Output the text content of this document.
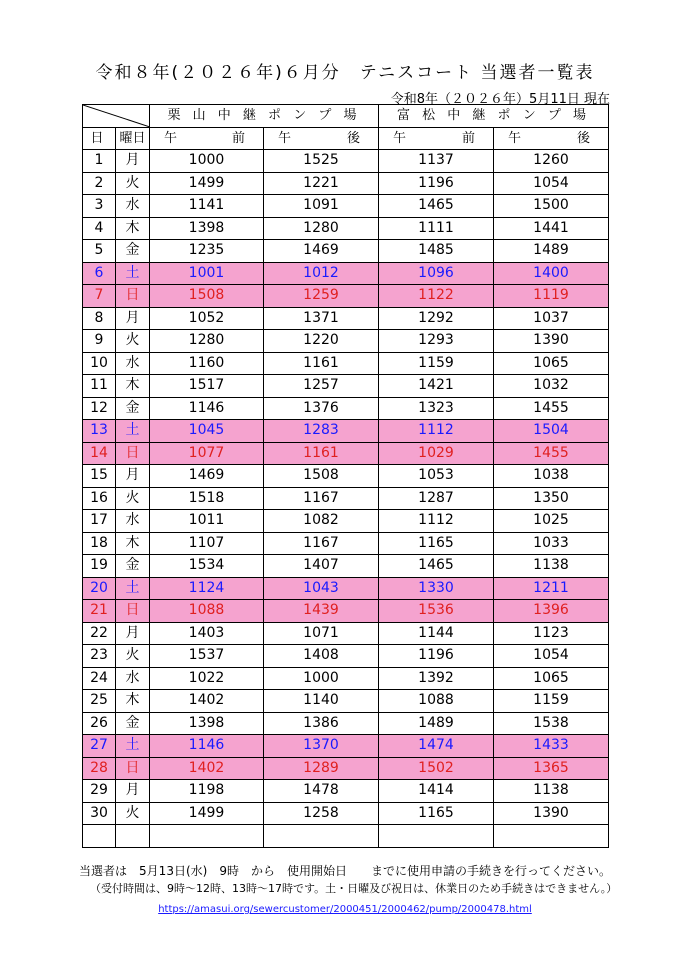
令和８年(２０２６年)６月分　テニスコート 当選者一覧表
令和8年（２０２６年）5月11日 現在
	栗 山 中 継 ポ ン プ 場		富 松 中 継 ポ ン プ 場	
日	曜日	午 前	午 後	午 前	午 後

1	月	1000	1525	1137	1260
2	火	1499	1221	1196	1054
3	水	1141	1091	1465	1500
4	木	1398	1280	1111	1441
5	金	1235	1469	1485	1489
6	土	1001	1012	1096	1400
7	日	1508	1259	1122	1119
8	月	1052	1371	1292	1037
9	火	1280	1220	1293	1390
10	水	1160	1161	1159	1065
11	木	1517	1257	1421	1032
12	金	1146	1376	1323	1455
13	土	1045	1283	1112	1504
14	日	1077	1161	1029	1455
15	月	1469	1508	1053	1038
16	火	1518	1167	1287	1350
17	水	1011	1082	1112	1025
18	木	1107	1167	1165	1033
19	金	1534	1407	1465	1138
20	土	1124	1043	1330	1211
21	日	1088	1439	1536	1396
22	月	1403	1071	1144	1123
23	火	1537	1408	1196	1054
24	水	1022	1000	1392	1065
25	木	1402	1140	1088	1159
26	金	1398	1386	1489	1538
27	土	1146	1370	1474	1433
28	日	1402	1289	1502	1365
29	月	1198	1478	1414	1138
30	火	1499	1258	1165	1390

当選者は　5月13日(水)　9時　から　使用開始日　　までに使用申請の手続きを行ってください。
（受付時間は、9時～12時、13時～17時です。土・日曜及び祝日は、休業日のため手続きはできません。）
https://amasui.org/sewercustomer/2000451/2000462/pump/2000478.html
